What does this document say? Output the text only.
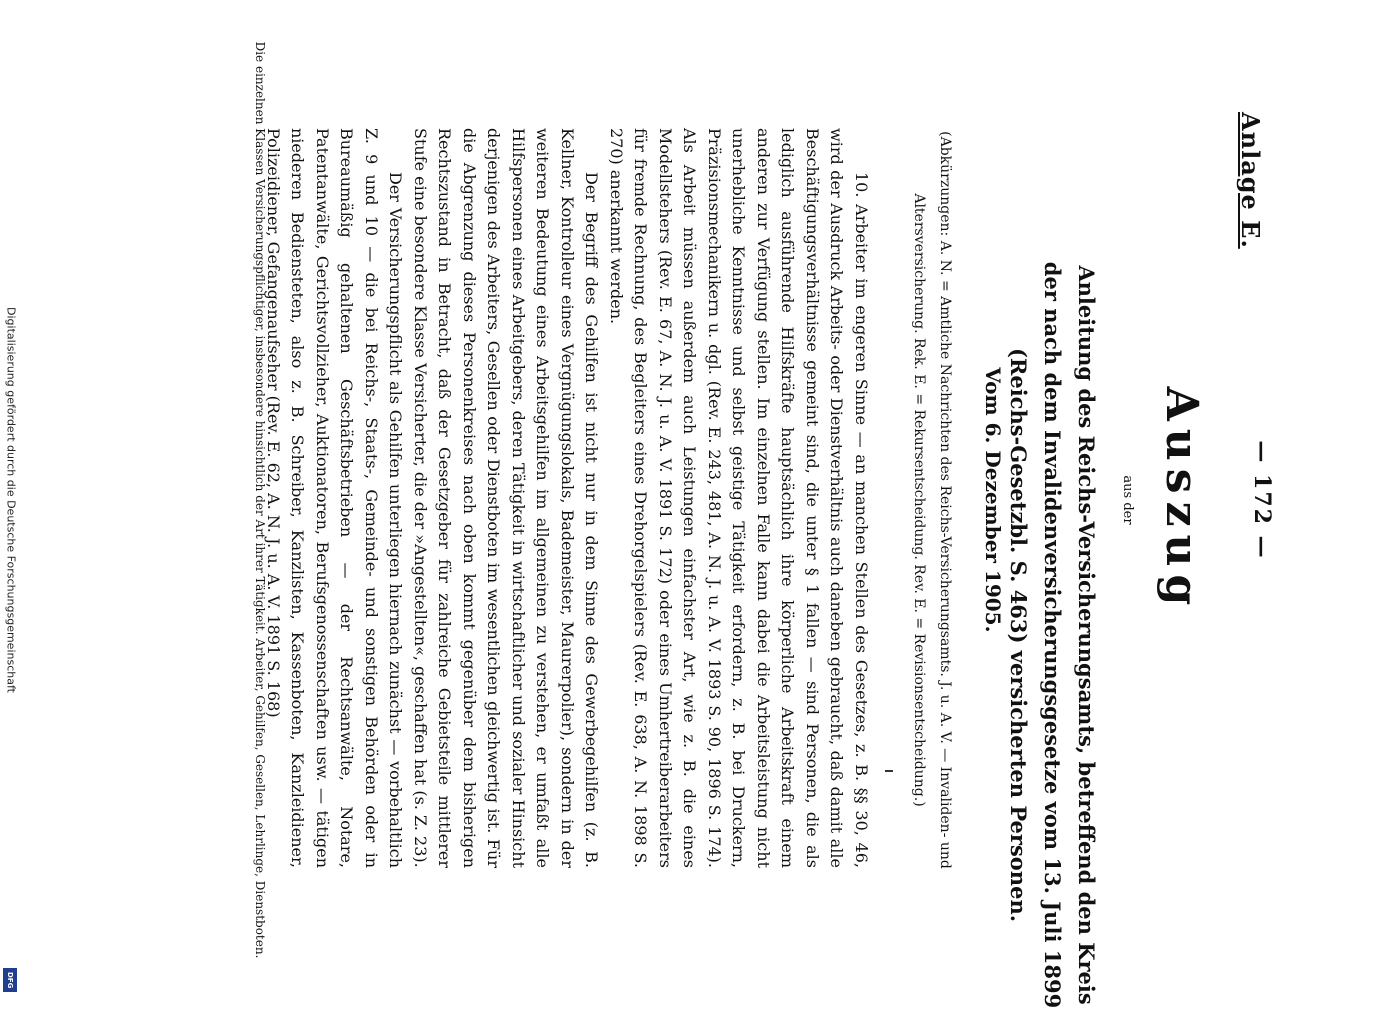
— 172 —
Anlage E.
Auszug
aus der
Anleitung des Reichs-Versicherungsamts, betreffend den Kreis der nach dem Invalidenversicherungsgesetze vom 13. Juli 1899 (Reichs-Gesetzbl. S. 463) versicherten Personen.
Vom 6. Dezember 1905.
(Abkürzungen: A. N. = Amtliche Nachrichten des Reichs-Versicherungsamts. J. u. A. V. — Invaliden- und Altersversicherung. Rek. E. = Rekursentscheidung. Rev. E. = Revisionsentscheidung.)

10. Arbeiter im engeren Sinne — an manchen Stellen des Gesetzes, z. B. §§ 30, 46, wird der Ausdruck Arbeits- oder Dienstverhältnis auch daneben gebraucht, daß damit alle Beschäftigungsverhältnisse gemeint sind, die unter § 1 fallen — sind Personen, die als lediglich ausführende Hilfskräfte hauptsächlich ihre körperliche Arbeitskraft einem anderen zur Verfügung stellen. Im einzelnen Falle kann dabei die Arbeitsleistung nicht unerhebliche Kenntnisse und selbst geistige Tätigkeit erfordern, z. B. bei Druckern, Präzisionsmechanikern u. dgl. (Rev. E. 243, 481, A. N. J. u. A. V. 1893 S. 90, 1896 S. 174). Als Arbeit müssen außerdem auch Leistungen einfachster Art, wie z. B. die eines Modellstehers (Rev. E. 67, A. N. J. u. A. V. 1891 S. 172) oder eines Umhertreiberarbeiters für fremde Rechnung, des Begleiters eines Drehorgelspielers (Rev. E. 638, A. N. 1898 S. 270) anerkannt werden.

Der Begriff des Gehilfen ist nicht nur in dem Sinne des Gewerbegehilfen (z. B. Kellner, Kontrolleur eines Vergnügungslokals, Bademeister, Maurerpolier), sondern in der weiteren Bedeutung eines Arbeitsgehilfen im allgemeinen zu verstehen, er umfaßt alle Hilfspersonen eines Arbeitgebers, deren Tätigkeit in wirtschaftlicher und sozialer Hinsicht derjenigen des Arbeiters, Gesellen oder Dienstboten im wesentlichen gleichwertig ist. Für die Abgrenzung dieses Personenkreises nach oben kommt gegenüber dem bisherigen Rechtszustand in Betracht, daß der Gesetzgeber für zahlreiche Gebietsteile mittlerer Stufe eine besondere Klasse Versicherter, die der »Angestellten«, geschaffen hat (s. Z. 23).

Der Versicherungspflicht als Gehilfen unterliegen hiernach zunächst — vorbehaltlich Z. 9 und 10 — die bei Reichs-, Staats-, Gemeinde- und sonstigen Behörden oder in Bureaumäßig gehaltenen Geschäftsbetrieben — der Rechtsanwälte, Notare, Patentanwälte, Gerichtsvollzieher, Auktionatoren, Berufsgenossenschaften usw. — tätigen niederen Bediensteten, also z. B. Schreiber, Kanzlisten, Kassenboten, Kanzleidiener, Polizeidiener, Gefangenaufseher (Rev. E. 62, A. N. J. u. A. V. 1891 S. 168)

Die einzelnen Klassen Versicherungspflichtiger, insbesondere hinsichtlich der Art ihrer Tätigkeit. Arbeiter, Gehilfen, Gesellen, Lehrlinge, Dienstboten.
Digitalisierung gefördert durch die Deutsche Forschungsgemeinschaft
DFG
